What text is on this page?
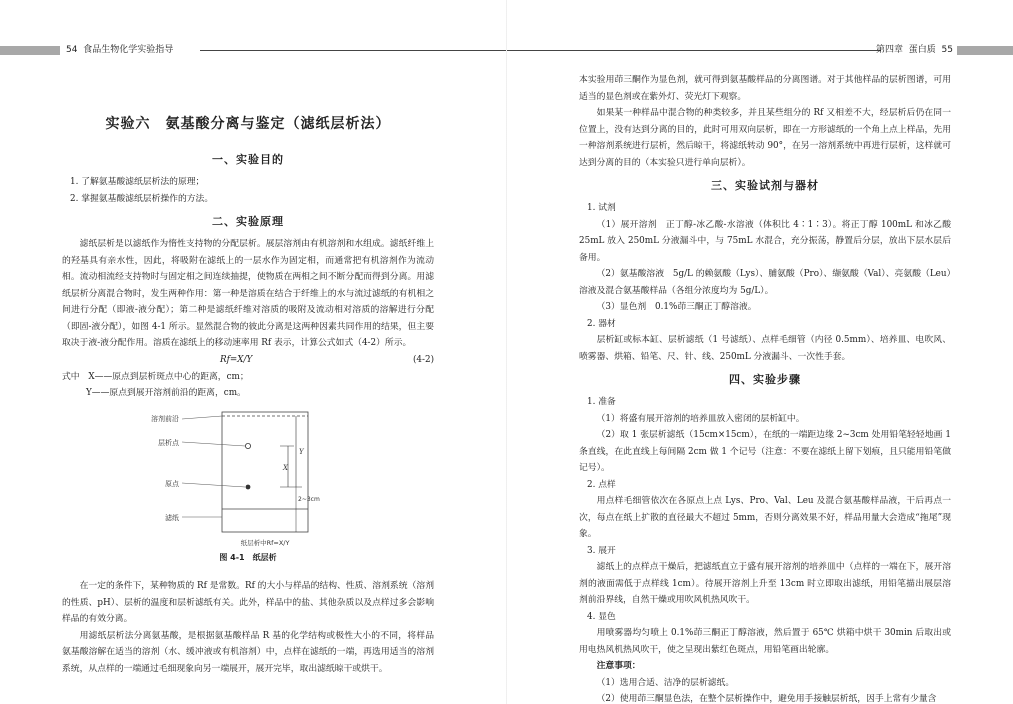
54 食品生物化学实验指导
实验六　氨基酸分离与鉴定（滤纸层析法）

一、实验目的

1. 了解氨基酸滤纸层析法的原理；

2. 掌握氨基酸滤纸层析操作的方法。

二、实验原理

滤纸层析是以滤纸作为惰性支持物的分配层析。展层溶剂由有机溶剂和水组成。滤纸纤维上的羟基具有亲水性，因此，将吸附在滤纸上的一层水作为固定相，而通常把有机溶剂作为流动相。流动相流经支持物时与固定相之间连续抽提，使物质在两相之间不断分配而得到分离。用滤纸层析分离混合物时，发生两种作用：第一种是溶质在结合于纤维上的水与流过滤纸的有机相之间进行分配（即液-液分配）；第二种是滤纸纤维对溶质的吸附及流动相对溶质的溶解进行分配（即固-液分配），如图 4-1 所示。显然混合物的彼此分离是这两种因素共同作用的结果，但主要取决于液-液分配作用。溶质在滤纸上的移动速率用 Rf 表示，计算公式如式（4-2）所示。

Rf=X/Y	(4-2)

式中　X——原点到层析斑点中心的距离，cm；

Y——原点到展开溶剂前沿的距离，cm。

溶剂前沿
层析点
原点
滤纸
X
Y
2~3cm
纸层析中Rf=X/Y

图 4-1　纸层析

在一定的条件下，某种物质的 Rf 是常数。Rf 的大小与样品的结构、性质、溶剂系统（溶剂的性质、pH）、层析的温度和层析滤纸有关。此外，样品中的盐、其他杂质以及点样过多会影响样品的有效分离。

用滤纸层析法分离氨基酸，是根据氨基酸样品 R 基的化学结构或极性大小的不同，将样品氨基酸溶解在适当的溶剂（水、缓冲液或有机溶剂）中，点样在滤纸的一端，再选用适当的溶剂系统，从点样的一端通过毛细现象向另一端展开，展开完毕，取出滤纸晾干或烘干。

第四章 蛋白质 55

本实验用茚三酮作为显色剂，就可得到氨基酸样品的分离图谱。对于其他样品的层析图谱，可用适当的显色剂或在紫外灯、荧光灯下观察。

如果某一种样品中混合物的种类较多，并且某些组分的 Rf 又相差不大，经层析后仍在同一位置上，没有达到分离的目的，此时可用双向层析，即在一方形滤纸的一个角上点上样品，先用一种溶剂系统进行层析，然后晾干，将滤纸转动 90°，在另一溶剂系统中再进行层析，这样就可达到分离的目的（本实验只进行单向层析）。

三、实验试剂与器材

1. 试剂

（1）展开溶剂　正丁醇-冰乙酸-水溶液（体积比 4∶1∶3）。将正丁醇 100mL 和冰乙酸 25mL 放入 250mL 分液漏斗中，与 75mL 水混合，充分振荡，静置后分层，放出下层水层后备用。

（2）氨基酸溶液　5g/L 的赖氨酸（Lys）、脯氨酸（Pro）、缬氨酸（Val）、亮氨酸（Leu）溶液及混合氨基酸样品（各组分浓度均为 5g/L）。

（3）显色剂　0.1%茚三酮正丁醇溶液。

2. 器材

层析缸或标本缸、层析滤纸（1 号滤纸）、点样毛细管（内径 0.5mm）、培养皿、电吹风、喷雾器、烘箱、铅笔、尺、针、线、250mL 分液漏斗、一次性手套。

四、实验步骤

1. 准备

（1）将盛有展开溶剂的培养皿放入密闭的层析缸中。

（2）取 1 张层析滤纸（15cm×15cm），在纸的一端距边缘 2~3cm 处用铅笔轻轻地画 1 条直线，在此直线上每间隔 2cm 做 1 个记号（注意：不要在滤纸上留下划痕，且只能用铅笔做记号）。

2. 点样

用点样毛细管依次在各原点上点 Lys、Pro、Val、Leu 及混合氨基酸样品液，干后再点一次，每点在纸上扩散的直径最大不超过 5mm，否则分离效果不好，样品用量大会造成“拖尾”现象。

3. 展开

滤纸上的点样点干燥后，把滤纸直立于盛有展开溶剂的培养皿中（点样的一端在下，展开溶剂的液面需低于点样线 1cm）。待展开溶剂上升至 13cm 时立即取出滤纸，用铅笔描出展层溶剂前沿界线，自然干燥或用吹风机热风吹干。

4. 显色

用喷雾器均匀喷上 0.1%茚三酮正丁醇溶液，然后置于 65℃ 烘箱中烘干 30min 后取出或用电热风机热风吹干，使之呈现出紫红色斑点，用铅笔画出轮廓。

注意事项：

（1）选用合适、洁净的层析滤纸。

（2）使用茚三酮显色法，在整个层析操作中，避免用手接触层析纸，因手上常有少量含
